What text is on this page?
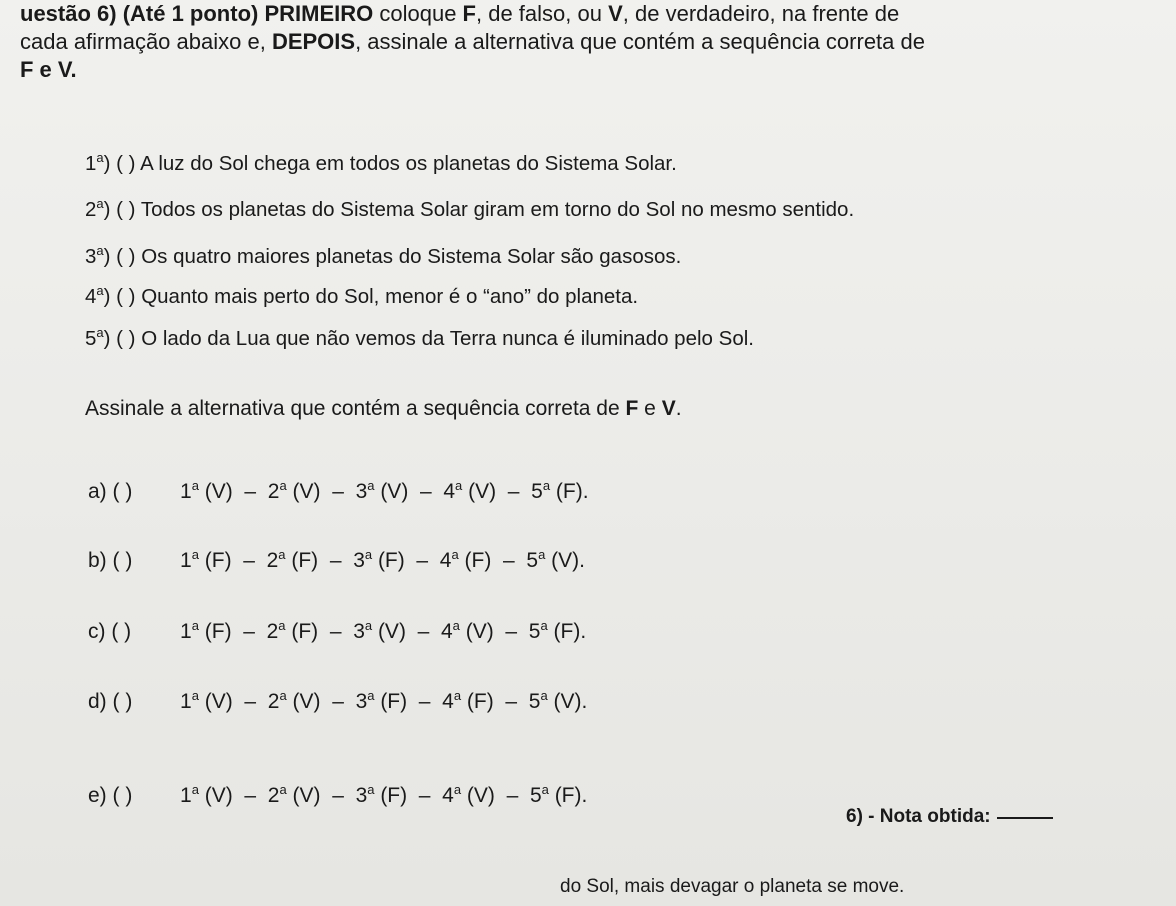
uestão 6) (Até 1 ponto) PRIMEIRO coloque F, de falso, ou V, de verdadeiro, na frente de
cada afirmação abaixo e, DEPOIS, assinale a alternativa que contém a sequência correta de
F e V.
1$^a$) ( ) A luz do Sol chega em todos os planetas do Sistema Solar.
2$^a$) ( ) Todos os planetas do Sistema Solar giram em torno do Sol no mesmo sentido.
3$^a$) ( ) Os quatro maiores planetas do Sistema Solar são gasosos.
4$^a$) ( ) Quanto mais perto do Sol, menor é o “ano” do planeta.
5$^a$) ( ) O lado da Lua que não vemos da Terra nunca é iluminado pelo Sol.
Assinale a alternativa que contém a sequência correta de F e V.
a) ( ) 1$^a$ (V)  –  2$^a$ (V)  –  3$^a$ (V)  –  4$^a$ (V)  –  5$^a$ (F).
b) ( ) 1$^a$ (F)  –  2$^a$ (F)  –  3$^a$ (F)  –  4$^a$ (F)  –  5$^a$ (V).
c) ( ) 1$^a$ (F)  –  2$^a$ (F)  –  3$^a$ (V)  –  4$^a$ (V)  –  5$^a$ (F).
d) ( ) 1$^a$ (V)  –  2$^a$ (V)  –  3$^a$ (F)  –  4$^a$ (F)  –  5$^a$ (V).
e) ( ) 1$^a$ (V)  –  2$^a$ (V)  –  3$^a$ (F)  –  4$^a$ (V)  –  5$^a$ (F).
6) - Nota obtida:
do Sol, mais devagar o planeta se move.
